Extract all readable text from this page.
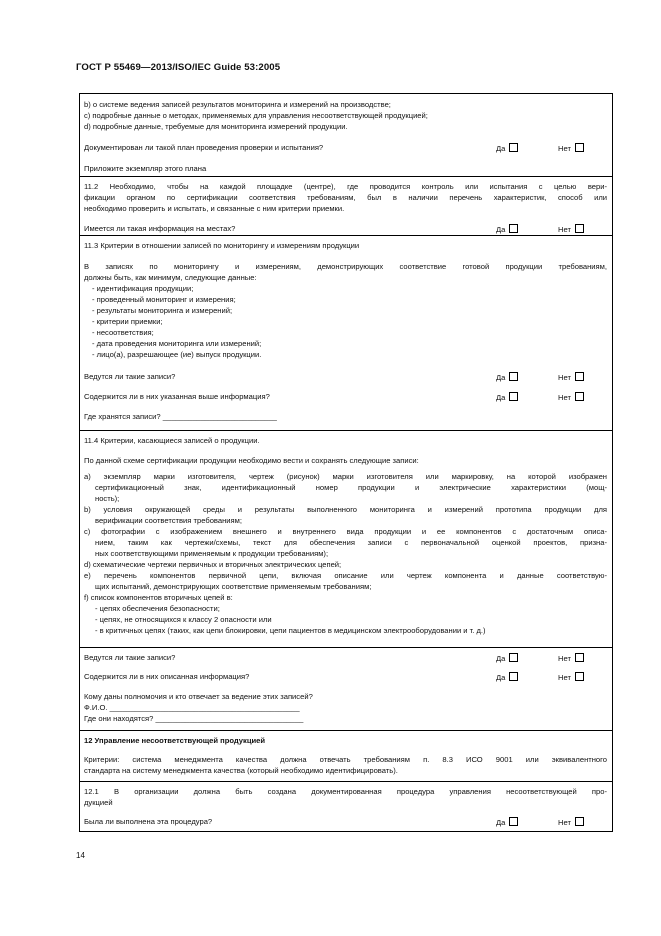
ГОСТ Р 55469—2013/ISO/IEC Guide 53:2005
b) о системе ведения записей результатов мониторинга и измерений на производстве;
c) подробные данные о методах, применяемых для управления несоответствующей продукцией;
d) подробные данные, требуемые для мониторинга измерений продукции.
Документирован ли такой план проведения проверки и испытания?	Да	Нет
Приложите экземпляр этого плана
11.2 Необходимо, чтобы на каждой площадке (центре), где проводится контроль или испытания с целью вери-
фикации органом по сертификации соответствия требованиям, был в наличии перечень характеристик, способ или
необходимо проверить и испытать, и связанные с ним критерии приемки.
Имеется ли такая информация на местах?	Да	Нет
11.3 Критерии в отношении записей по мониторингу и измерениям продукции
В записях по мониторингу и измерениям, демонстрирующих соответствие готовой продукции требованиям,
должны быть, как минимум, следующие данные:
- идентификация продукции;
- проведенный мониторинг и измерения;
- результаты мониторинга и измерений;
- критерии приемки;
- несоответствия;
- дата проведения мониторинга или измерений;
- лицо(а), разрешающее (ие) выпуск продукции.
Ведутся ли такие записи?	Да	Нет
Содержится ли в них указанная выше информация?	Да	Нет
Где хранятся записи? ___________________________
11.4 Критерии, касающиеся записей о продукции.
По данной схеме сертификации продукции необходимо вести и сохранять следующие записи:
a) экземпляр марки изготовителя, чертеж (рисунок) марки изготовителя или маркировку, на которой изображен
сертификационный знак, идентификационный номер продукции и электрические характеристики (мощ-
ность);
b) условия окружающей среды и результаты выполненного мониторинга и измерений прототипа продукции для
верификации соответствия требованиям;
c) фотографии с изображением внешнего и внутреннего вида продукции и ее компонентов с достаточным описа-
нием, таким как чертежи/схемы, текст для обеспечения записи с первоначальной оценкой проектов, призна-
ных соответствующими применяемым к продукции требованиям);
d) схематические чертежи первичных и вторичных электрических цепей;
e) перечень компонентов первичной цепи, включая описание или чертеж компонента и данные соответствую-
щих испытаний, демонстрирующих соответствие применяемым требованиям;
f) список компонентов вторичных цепей в:
- цепях обеспечения безопасности;
- цепях, не относящихся к классу 2 опасности или
- в критичных цепях (таких, как цепи блокировки, цепи пациентов в медицинском электрооборудовании и т. д.)
Ведутся ли такие записи?	Да	Нет
Содержится ли в них описанная информация?	Да	Нет
Кому даны полномочия и кто отвечает за ведение этих записей?
Ф.И.О. _____________________________________________
Где они находятся? ___________________________________
12 Управление несоответствующей продукцией
Критерии: система менеджмента качества должна отвечать требованиям п. 8.3 ИСО 9001 или эквивалентного
стандарта на систему менеджмента качества (который необходимо идентифицировать).
12.1 В организации должна быть создана документированная процедура управления несоответствующей про-
дукцией
Была ли выполнена эта процедура?	Да	Нет
14
